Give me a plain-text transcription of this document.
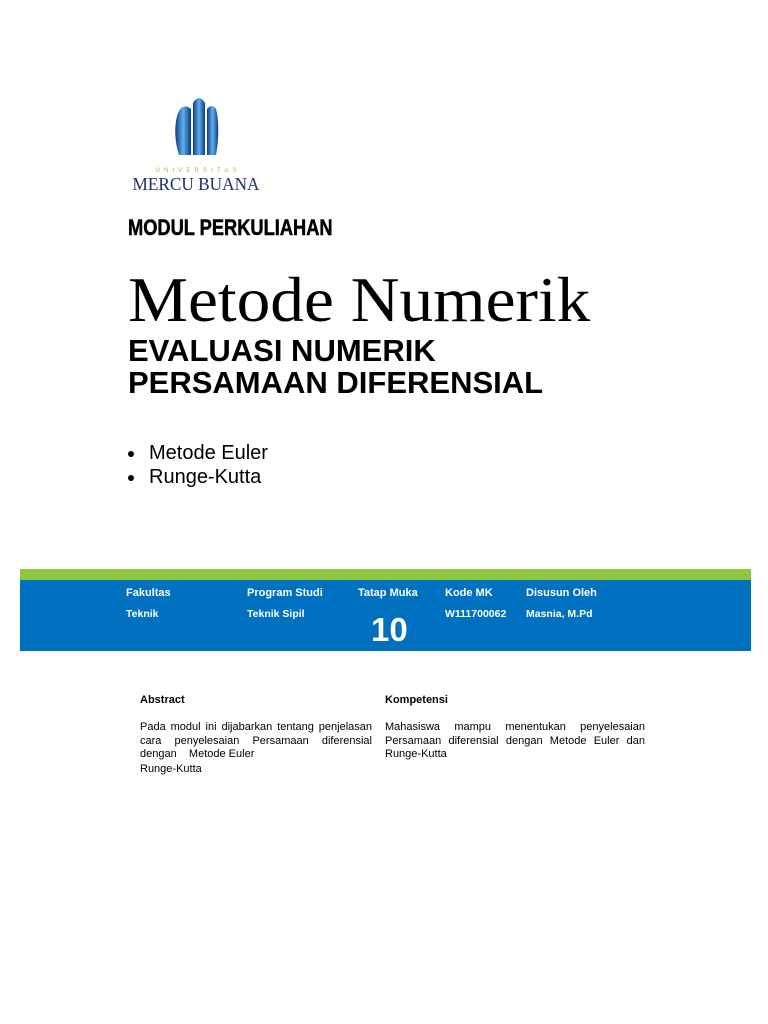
UNIVERSITAS
MERCU BUANA
MODUL PERKULIAHAN
Metode Numerik
EVALUASI NUMERIK
PERSAMAAN DIFERENSIAL
Metode Euler
Runge-Kutta
Fakultas
Teknik
Program Studi
Teknik Sipil
Tatap Muka
10
Kode MK
W111700062
Disusun Oleh
Masnia, M.Pd
Abstract
Pada modul ini dijabarkan tentang penjelasan
cara penyelesaian Persamaan diferensial
dengan    Metode Euler
Runge-Kutta
Kompetensi
Mahasiswa mampu menentukan penyelesaian
Persamaan diferensial dengan Metode Euler dan
Runge-Kutta
